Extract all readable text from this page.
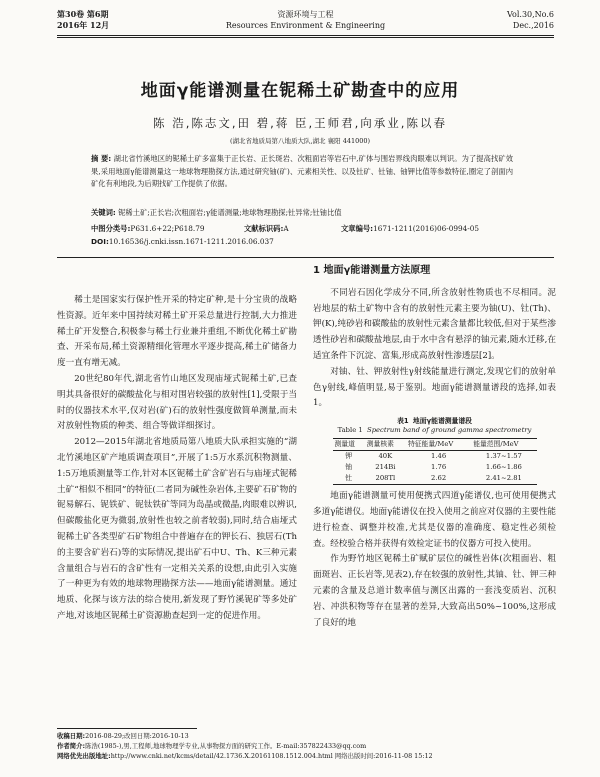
第30卷 第6期
2016年 12月
资源环境与工程
Resources Environment & Engineering
Vol.30,No.6
Dec.,2016
地面γ能谱测量在铌稀土矿勘查中的应用
陈 浩,陈志文,田 碧,蒋 臣,王师君,向承业,陈以春
(湖北省地质局第八地质大队,湖北 襄阳 441000)
摘 要: 湖北省竹溪地区的铌稀土矿多富集于正长岩、正长斑岩、次粗面岩等岩石中,矿体与围岩界线肉眼难以判识。为了提高找矿效果,采用地面γ能谱测量这一地球物理勘探方法,通过研究铀(矿)、元素相关性、以及钍矿、钍铀、铀钾比值等参数特征,圈定了剖面内矿化有利地段,为后期找矿工作提供了依据。
关键词: 铌稀土矿;正长岩;次粗面岩;γ能谱测量;地球物理勘探;钍异常;钍铀比值
中图分类号:P631.6+22;P618.79	文献标识码:A	文章编号:1671-1211(2016)06-0994-05
DOI:10.16536/j.cnki.issn.1671-1211.2016.06.037

稀土是国家实行保护性开采的特定矿种,是十分宝贵的战略性资源。近年来中国持续对稀土矿开采总量进行控制,大力推进稀土矿开发整合,积极参与稀土行业兼并重组,不断优化稀土矿勘查、开采布局,稀土资源精细化管理水平逐步提高,稀土矿储备力度一直有增无减。

20世纪80年代,湖北省竹山地区发现庙垭式铌稀土矿,已查明其具备很好的碳酸盐化与相对围岩较强的放射性[1],受限于当时的仪器技术水平,仅对岩(矿)石的放射性强度做简单测量,而未对放射性物质的种类、组合等做详细探讨。

2012—2015年湖北省地质局第八地质大队承担实施的“湖北竹溪地区矿产地质调查项目”,开展了1:5万水系沉积物测量、1:5万地质测量等工作,针对本区铌稀土矿含矿岩石与庙垭式铌稀土矿“相似不相同”的特征(二者同为碱性杂岩体,主要矿石矿物的铌易解石、铌铁矿、铌钛铁矿等同为岛晶或微晶,肉眼难以辨识,但碳酸盐化更为微弱,放射性也较之前者较弱),同时,结合庙垭式铌稀土矿各类型矿石矿物组合中普遍存在的钾长石、独居石(Th的主要含矿岩石)等的实际情况,提出矿石中U、Th、K三种元素含量组合与岩石的含矿性有一定相关关系的设想,由此引入实施了一种更为有效的地球物理勘探方法——地面γ能谱测量。通过地质、化探与该方法的综合使用,新发现了野竹溪铌矿等多处矿产地,对该地区铌稀土矿资源勘查起到一定的促进作用。

1 地面γ能谱测量方法原理

不同岩石因化学成分不同,所含放射性物质也不尽相同。泥岩地层的粘土矿物中含有的放射性元素主要为铀(U)、钍(Th)、钾(K),纯砂岩和碳酸盐的放射性元素含量都比较低,但对于某些渗透性砂岩和碳酸盐地层,由于水中含有悬浮的铀元素,随水迁移,在适宜条件下沉淀、富集,形成高放射性渗透层[2]。

对铀、钍、钾放射性γ射线能量进行测定,发现它们的放射单色γ射线,峰值明显,易于鉴别。地面γ能谱测量谱段的选择,如表1。

表1 地面γ能谱测量谱段
Table 1 Spectrum band of ground gamma spectrometry
测量道	测量核素	特征能量/MeV	能量范围/MeV
钾	40K	1.46	1.37~1.57
铀	214Bi	1.76	1.66~1.86
钍	208Tl	2.62	2.41~2.81

地面γ能谱测量可使用便携式四道γ能谱仪,也可使用便携式多道γ能谱仪。地面γ能谱仪在投入使用之前应对仪器的主要性能进行检查、调整并校准,尤其是仪器的准确度、稳定性必须检查。经校验合格并获得有效检定证书的仪器方可投入使用。

作为野竹地区铌稀土矿赋矿层位的碱性岩体(次粗面岩、粗面斑岩、正长岩等,见表2),存在较强的放射性,其铀、钍、钾三种元素的含量及总道计数率值与测区出露的一套浅变质岩、沉积岩、冲洪积物等存在显著的差异,大致高出50%~100%,这形成了良好的地

收稿日期:2016-08-29;改回日期:2016-10-13
作者简介:陈浩(1985-),男,工程师,地球物理学专业,从事物探方面的研究工作。E-mail:357822433@qq.com
网络优先出版地址:http://www.cnki.net/kcms/detail/42.1736.X.20161108.1512.004.html 网络出版时间:2016-11-08 15:12
